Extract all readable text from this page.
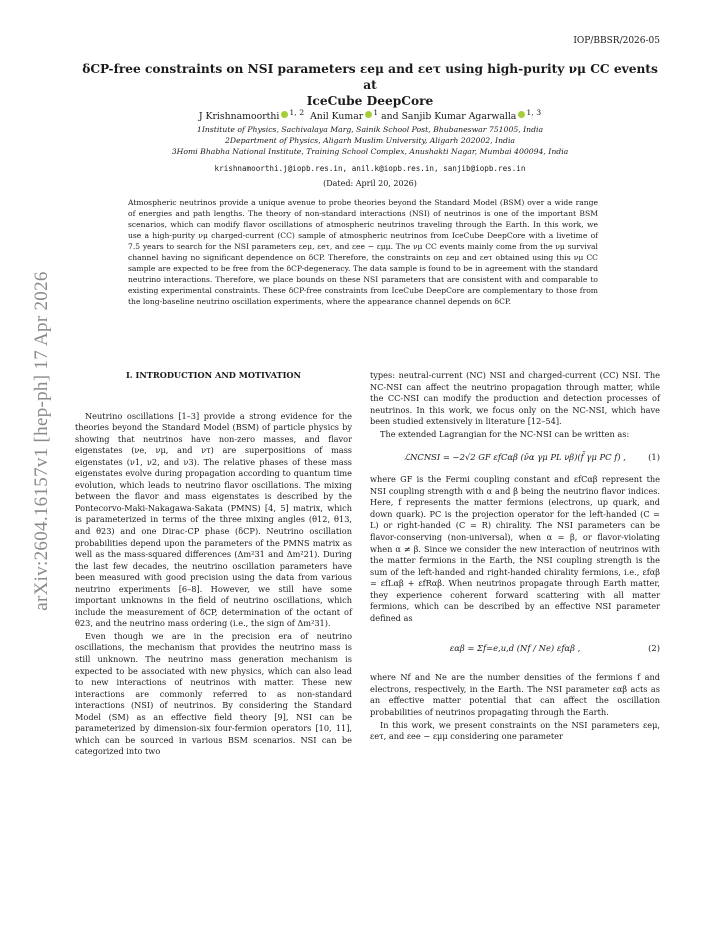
IOP/BBSR/2026-05
arXiv:2604.16157v1 [hep-ph] 17 Apr 2026
δCP-free constraints on NSI parameters εeμ and εeτ using high-purity νμ CC events at
IceCube DeepCore
J Krishnamoorthi $^{1, 2}$ Anil Kumar $^1$ and Sanjib Kumar Agarwalla $^{1, 3}$
1Institute of Physics, Sachivalaya Marg, Sainik School Post, Bhubaneswar 751005, India
2Department of Physics, Aligarh Muslim University, Aligarh 202002, India
3Homi Bhabha National Institute, Training School Complex, Anushakti Nagar, Mumbai 400094, India
krishnamoorthi.j@iopb.res.in, anil.k@iopb.res.in, sanjib@iopb.res.in
(Dated: April 20, 2026)
Atmospheric neutrinos provide a unique avenue to probe theories beyond the Standard Model (BSM) over a wide range of energies and path lengths. The theory of non-standard interactions (NSI) of neutrinos is one of the important BSM scenarios, which can modify flavor oscillations of atmospheric neutrinos traveling through the Earth. In this work, we use a high-purity νμ charged-current (CC) sample of atmospheric neutrinos from IceCube DeepCore with a livetime of 7.5 years to search for the NSI parameters εeμ, εeτ, and εee − εμμ. The νμ CC events mainly come from the νμ survival channel having no significant dependence on δCP. Therefore, the constraints on εeμ and εeτ obtained using this νμ CC sample are expected to be free from the δCP-degeneracy. The data sample is found to be in agreement with the standard neutrino interactions. Therefore, we place bounds on these NSI parameters that are consistent with and comparable to existing experimental constraints. These δCP-free constraints from IceCube DeepCore are complementary to those from the long-baseline neutrino oscillation experiments, where the appearance channel depends on δCP.
I. INTRODUCTION AND MOTIVATION

Neutrino oscillations [1–3] provide a strong evidence for the theories beyond the Standard Model (BSM) of particle physics by showing that neutrinos have non-zero masses, and flavor eigenstates (νe, νμ, and ντ) are superpositions of mass eigenstates (ν1, ν2, and ν3). The relative phases of these mass eigenstates evolve during propagation according to quantum time evolution, which leads to neutrino flavor oscillations. The mixing between the flavor and mass eigenstates is described by the Pontecorvo-Maki-Nakagawa-Sakata (PMNS) [4, 5] matrix, which is parameterized in terms of the three mixing angles (θ12, θ13, and θ23) and one Dirac-CP phase (δCP). Neutrino oscillation probabilities depend upon the parameters of the PMNS matrix as well as the mass-squared differences (Δm²31 and Δm²21). During the last few decades, the neutrino oscillation parameters have been measured with good precision using the data from various neutrino experiments [6–8]. However, we still have some important unknowns in the field of neutrino oscillations, which include the measurement of δCP, determination of the octant of θ23, and the neutrino mass ordering (i.e., the sign of Δm²31).

Even though we are in the precision era of neutrino oscillations, the mechanism that provides the neutrino mass is still unknown. The neutrino mass generation mechanism is expected to be associated with new physics, which can also lead to new interactions of neutrinos with matter. These new interactions are commonly referred to as non-standard interactions (NSI) of neutrinos. By considering the Standard Model (SM) as an effective field theory [9], NSI can be parameterized by dimension-six four-fermion operators [10, 11], which can be sourced in various BSM scenarios. NSI can be categorized into two

types: neutral-current (NC) NSI and charged-current (CC) NSI. The NC-NSI can affect the neutrino propagation through matter, while the CC-NSI can modify the production and detection processes of neutrinos. In this work, we focus only on the NC-NSI, which have been studied extensively in literature [12–54].

The extended Lagrangian for the NC-NSI can be written as:

ℒNCNSI = −2√2 GF εfCαβ (ν̄α γμ PL νβ)(f̄ γμ PC f) ,	(1)

where GF is the Fermi coupling constant and εfCαβ represent the NSI coupling strength with α and β being the neutrino flavor indices. Here, f represents the matter fermions (electrons, up quark, and down quark). PC is the projection operator for the left-handed (C = L) or right-handed (C = R) chirality. The NSI parameters can be flavor-conserving (non-universal), when α = β, or flavor-violating when α ≠ β. Since we consider the new interaction of neutrinos with the matter fermions in the Earth, the NSI coupling strength is the sum of the left-handed and right-handed chirality fermions, i.e., εfαβ = εfLαβ + εfRαβ. When neutrinos propagate through Earth matter, they experience coherent forward scattering with all matter fermions, which can be described by an effective NSI parameter defined as

εαβ = Σf=e,u,d (Nf / Ne) εfαβ ,	(2)

where Nf and Ne are the number densities of the fermions f and electrons, respectively, in the Earth. The NSI parameter εαβ acts as an effective matter potential that can affect the oscillation probabilities of neutrinos propagating through the Earth.

In this work, we present constraints on the NSI parameters εeμ, εeτ, and εee − εμμ considering one parameter
